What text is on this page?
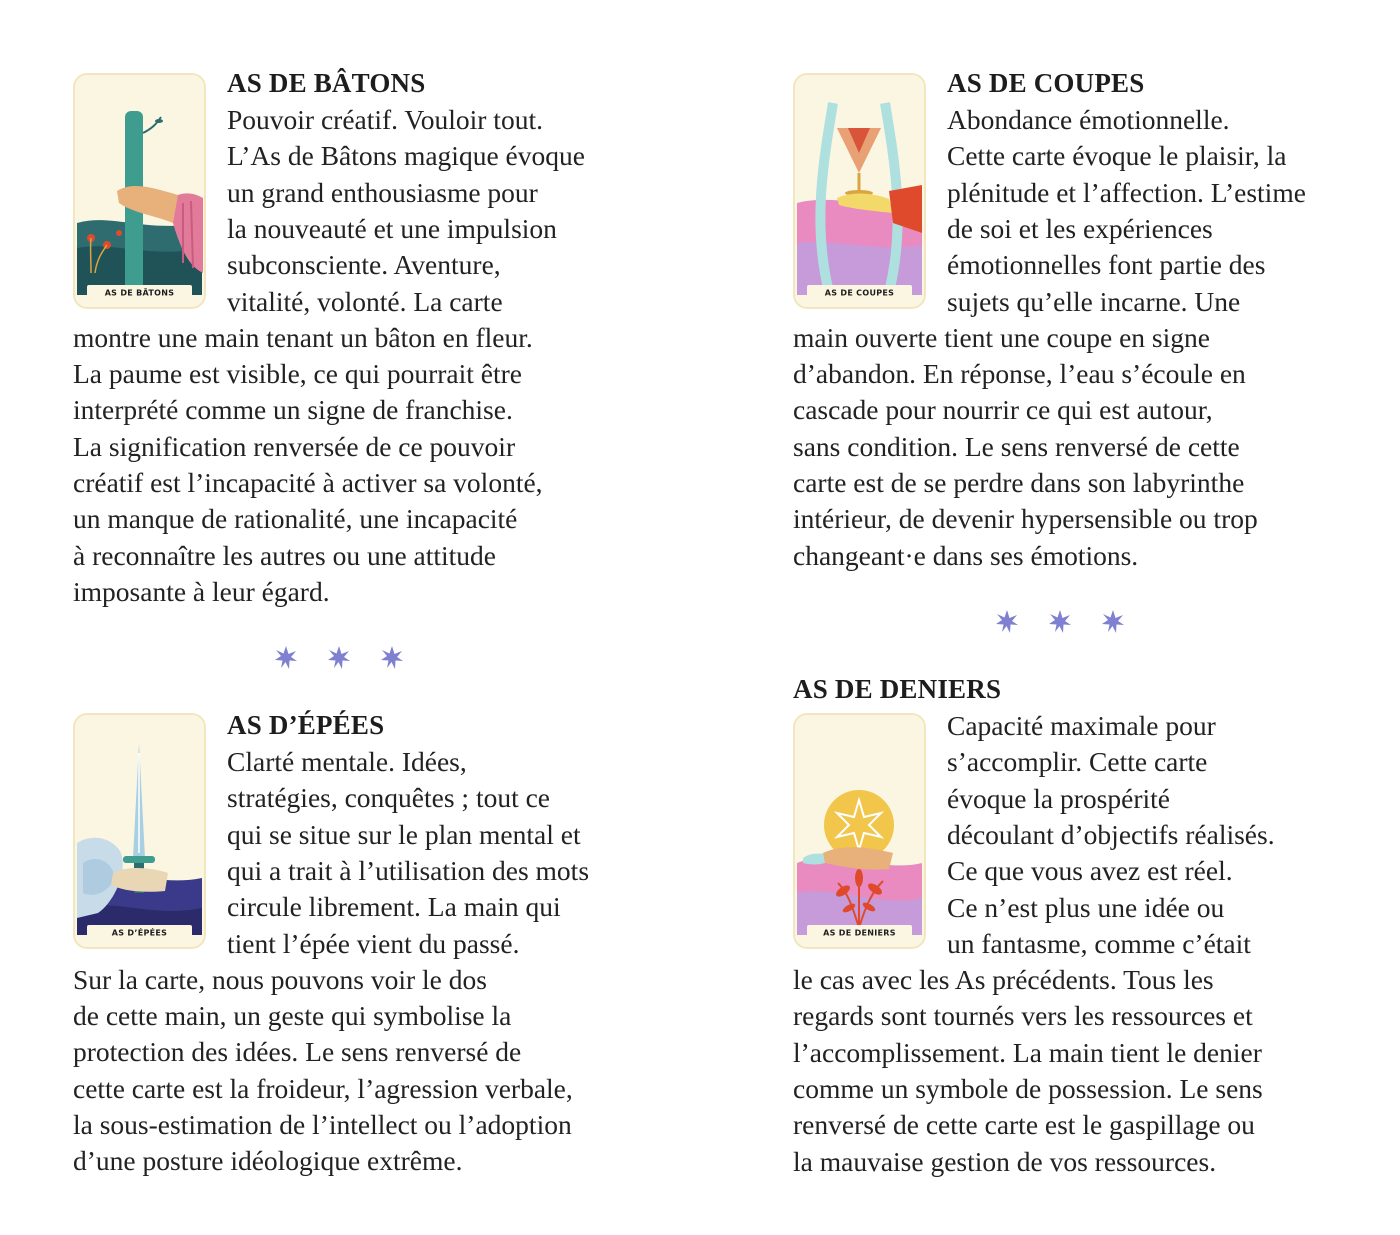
AS DE BÂTONS
AS DE BÂTONS
Pouvoir créatif. Vouloir tout.
L’As de Bâtons magique évoque
un grand enthousiasme pour
la nouveauté et une impulsion
subconsciente. Aventure,
vitalité, volonté. La carte
montre une main tenant un bâton en fleur.
La paume est visible, ce qui pourrait être
interprété comme un signe de franchise.
La signification renversée de ce pouvoir
créatif est l’incapacité à activer sa volonté,
un manque de rationalité, une incapacité
à reconnaître les autres ou une attitude
imposante à leur égard.
AS DE COUPES
AS DE COUPES
Abondance émotionnelle.
Cette carte évoque le plaisir, la
plénitude et l’affection. L’estime
de soi et les expériences
émotionnelles font partie des
sujets qu’elle incarne. Une
main ouverte tient une coupe en signe
d’abandon. En réponse, l’eau s’écoule en
cascade pour nourrir ce qui est autour,
sans condition. Le sens renversé de cette
carte est de se perdre dans son labyrinthe
intérieur, de devenir hypersensible ou trop
changeant·e dans ses émotions.
AS D’ÉPÉES
AS D’ÉPÉES
Clarté mentale. Idées,
stratégies, conquêtes ; tout ce
qui se situe sur le plan mental et
qui a trait à l’utilisation des mots
circule librement. La main qui
tient l’épée vient du passé.
Sur la carte, nous pouvons voir le dos
de cette main, un geste qui symbolise la
protection des idées. Le sens renversé de
cette carte est la froideur, l’agression verbale,
la sous-estimation de l’intellect ou l’adoption
d’une posture idéologique extrême.
AS DE DENIERS
AS DE DENIERS
Capacité maximale pour
s’accomplir. Cette carte
évoque la prospérité
découlant d’objectifs réalisés.
Ce que vous avez est réel.
Ce n’est plus une idée ou
un fantasme, comme c’était
le cas avec les As précédents. Tous les
regards sont tournés vers les ressources et
l’accomplissement. La main tient le denier
comme un symbole de possession. Le sens
renversé de cette carte est le gaspillage ou
la mauvaise gestion de vos ressources.
